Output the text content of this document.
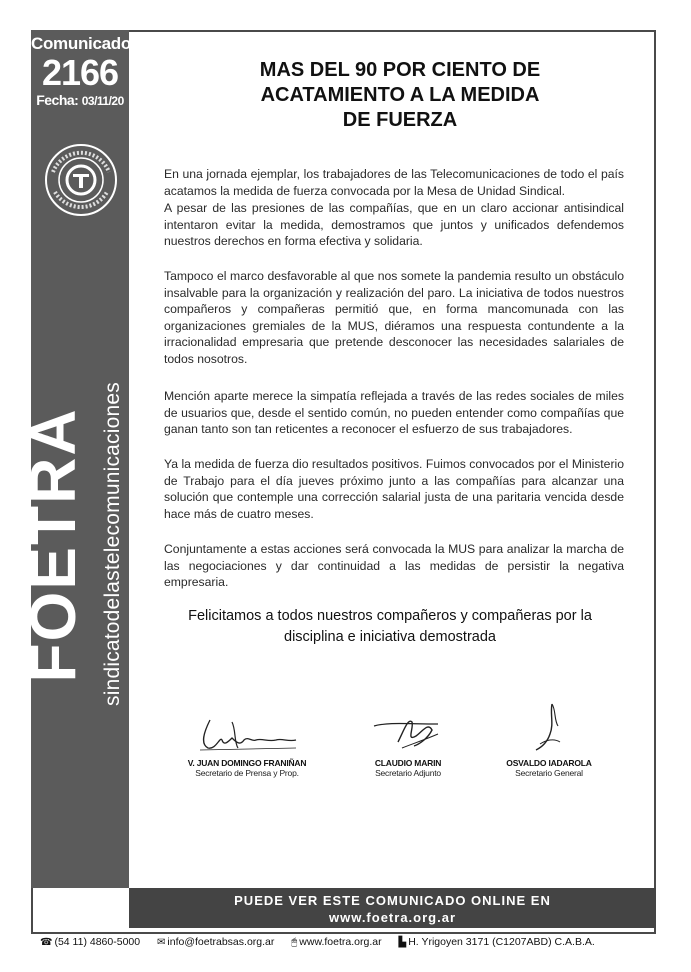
Comunicado
2166
Fecha: 03/11/20
FOETRA sindicatodelastelecomunicaciones
MAS DEL 90 POR CIENTO DE
ACATAMIENTO A LA MEDIDA
DE FUERZA
En una jornada ejemplar, los trabajadores de las Telecomunicaciones de todo el país acatamos la medida de fuerza convocada por la Mesa de Unidad Sindical.
A pesar de las presiones de las compañías, que en un claro accionar antisindical intentaron evitar la medida, demostramos que juntos y unificados defendemos nuestros derechos en forma efectiva y solidaria.
Tampoco el marco desfavorable al que nos somete la pandemia resulto un obstáculo insalvable para la organización y realización del paro. La iniciativa de todos nuestros compañeros y compañeras permitió que, en forma mancomunada con las organizaciones gremiales de la MUS, diéramos una respuesta contundente a la irracionalidad empresaria que pretende desconocer las necesidades salariales de todos nosotros.
Mención aparte merece la simpatía reflejada a través de las redes sociales de miles de usuarios que, desde el sentido común, no pueden entender como compañías que ganan tanto son tan reticentes a reconocer el esfuerzo de sus trabajadores.
Ya la medida de fuerza dio resultados positivos. Fuimos convocados por el Ministerio de Trabajo para el día jueves próximo junto a las compañías para alcanzar una solución que contemple una corrección salarial justa de una paritaria vencida desde hace más de cuatro meses.
Conjuntamente a estas acciones será convocada la MUS para analizar la marcha de las negociaciones y dar continuidad a las medidas de persistir la negativa empresaria.
Felicitamos a todos nuestros compañeros y compañeras por la
disciplina e iniciativa demostrada
V. JUAN DOMINGO FRANIÑAN
Secretario de Prensa y Prop.
CLAUDIO MARIN
Secretario Adjunto
OSVALDO IADAROLA
Secretario General
PUEDE VER ESTE COMUNICADO ONLINE EN
www.foetra.org.ar
☎ (54 11) 4860-5000 ✉ info@foetrabsas.org.ar 🖱 www.foetra.org.ar ▙ H. Yrigoyen 3171 (C1207ABD) C.A.B.A.
